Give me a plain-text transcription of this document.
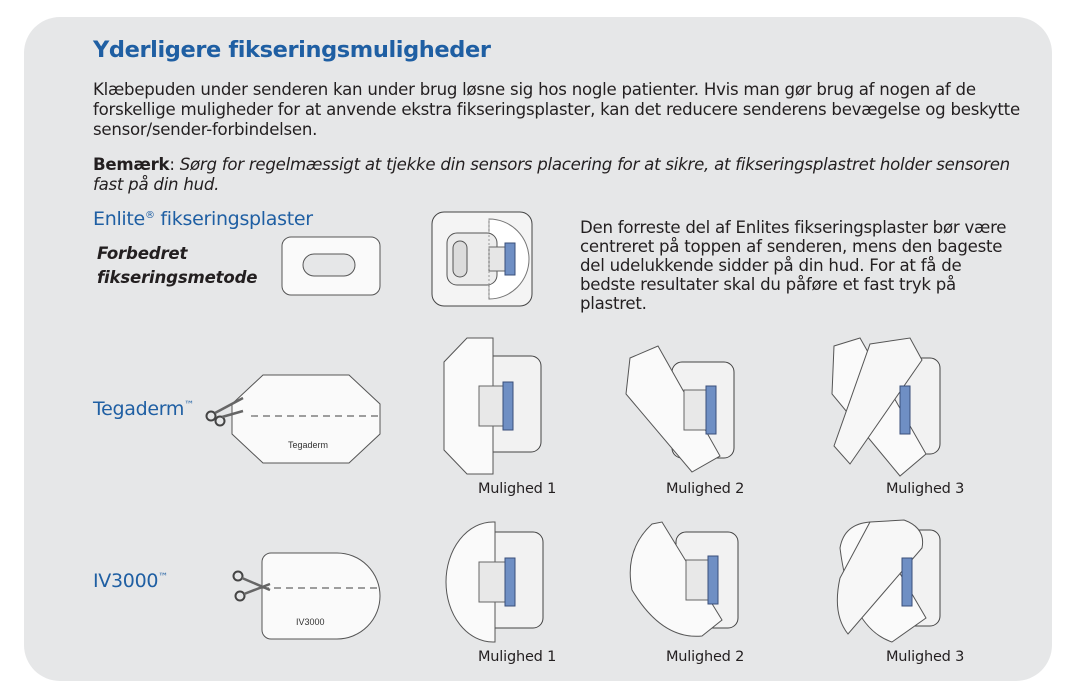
Yderligere fikseringsmuligheder
Klæbepuden under senderen kan under brug løsne sig hos nogle patienter. Hvis man gør brug af nogen af de forskellige muligheder for at anvende ekstra fikseringsplaster, kan det reducere senderens bevægelse og beskytte sensor/sender-forbindelsen.
Bemærk: Sørg for regelmæssigt at tjekke din sensors placering for at sikre, at fikseringsplastret holder sensoren fast på din hud.
Enlite® fikseringsplaster
Forbedret
fikseringsmetode
Den forreste del af Enlites fikseringsplaster bør være centreret på toppen af senderen, mens den bageste del udelukkende sidder på din hud. For at få de bedste resultater skal du påføre et fast tryk på plastret.
Tegaderm™
Tegaderm
Mulighed 1	Mulighed 2	Mulighed 3
IV3000™
IV3000
Mulighed 1	Mulighed 2	Mulighed 3
